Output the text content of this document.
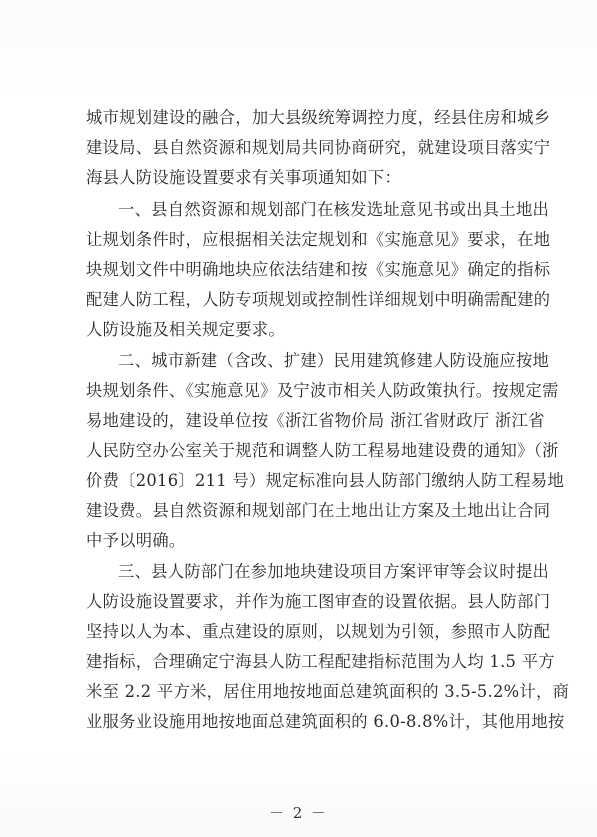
城市规划建设的融合，加大县级统筹调控力度，经县住房和城乡
建设局、县自然资源和规划局共同协商研究，就建设项目落实宁
海县人防设施设置要求有关事项通知如下：
一、县自然资源和规划部门在核发选址意见书或出具土地出
让规划条件时，应根据相关法定规划和《实施意见》要求，在地
块规划文件中明确地块应依法结建和按《实施意见》确定的指标
配建人防工程，人防专项规划或控制性详细规划中明确需配建的
人防设施及相关规定要求。
二、城市新建（含改、扩建）民用建筑修建人防设施应按地
块规划条件、《实施意见》及宁波市相关人防政策执行。按规定需
易地建设的，建设单位按《浙江省物价局 浙江省财政厅 浙江省
人民防空办公室关于规范和调整人防工程易地建设费的通知》（浙
价费〔2016〕211 号）规定标准向县人防部门缴纳人防工程易地
建设费。县自然资源和规划部门在土地出让方案及土地出让合同
中予以明确。
三、县人防部门在参加地块建设项目方案评审等会议时提出
人防设施设置要求，并作为施工图审查的设置依据。县人防部门
坚持以人为本、重点建设的原则，以规划为引领，参照市人防配
建指标，合理确定宁海县人防工程配建指标范围为人均 1.5 平方
米至 2.2 平方米，居住用地按地面总建筑面积的 3.5-5.2%计，商
业服务业设施用地按地面总建筑面积的 6.0-8.8%计，其他用地按
－ 2 －
